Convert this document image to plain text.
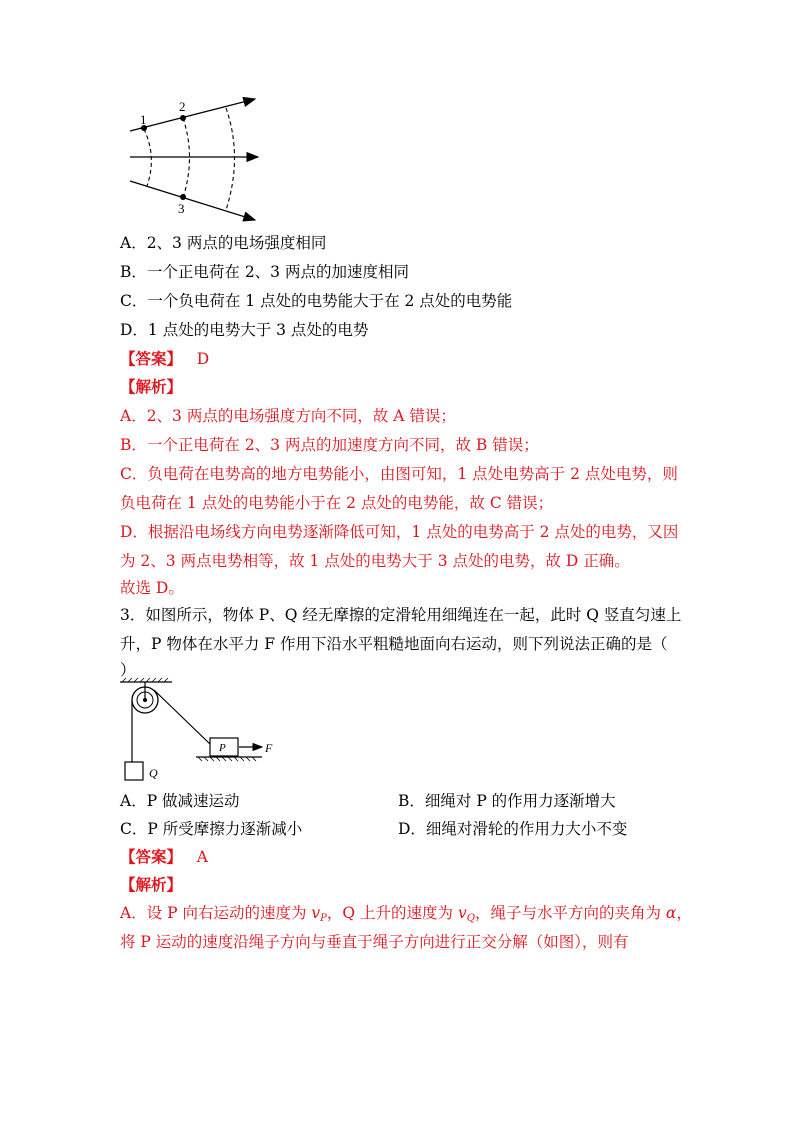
1
2
3
A．2、3 两点的电场强度相同
B．一个正电荷在 2、3 两点的加速度相同
C．一个负电荷在 1 点处的电势能大于在 2 点处的电势能
D．1 点处的电势大于 3 点处的电势
【答案】 D
【解析】
A．2、3 两点的电场强度方向不同，故 A 错误；
B．一个正电荷在 2、3 两点的加速度方向不同，故 B 错误；
C．负电荷在电势高的地方电势能小，由图可知，1 点处电势高于 2 点处电势，则
负电荷在 1 点处的电势能小于在 2 点处的电势能，故 C 错误；
D．根据沿电场线方向电势逐渐降低可知，1 点处的电势高于 2 点处的电势，又因
为 2、3 两点电势相等，故 1 点处的电势大于 3 点处的电势，故 D 正确。
故选 D。
3．如图所示，物体 P、Q 经无摩擦的定滑轮用细绳连在一起，此时 Q 竖直匀速上
升，P 物体在水平力 F 作用下沿水平粗糙地面向右运动，则下列说法正确的是（
）
Q
P	F
A．P 做减速运动	B．细绳对 P 的作用力逐渐增大
C．P 所受摩擦力逐渐减小	D．细绳对滑轮的作用力大小不变
【答案】 A
【解析】
A．设 P 向右运动的速度为 $v_P$，Q 上升的速度为 $v_Q$，绳子与水平方向的夹角为 α，
将 P 运动的速度沿绳子方向与垂直于绳子方向进行正交分解（如图），则有
